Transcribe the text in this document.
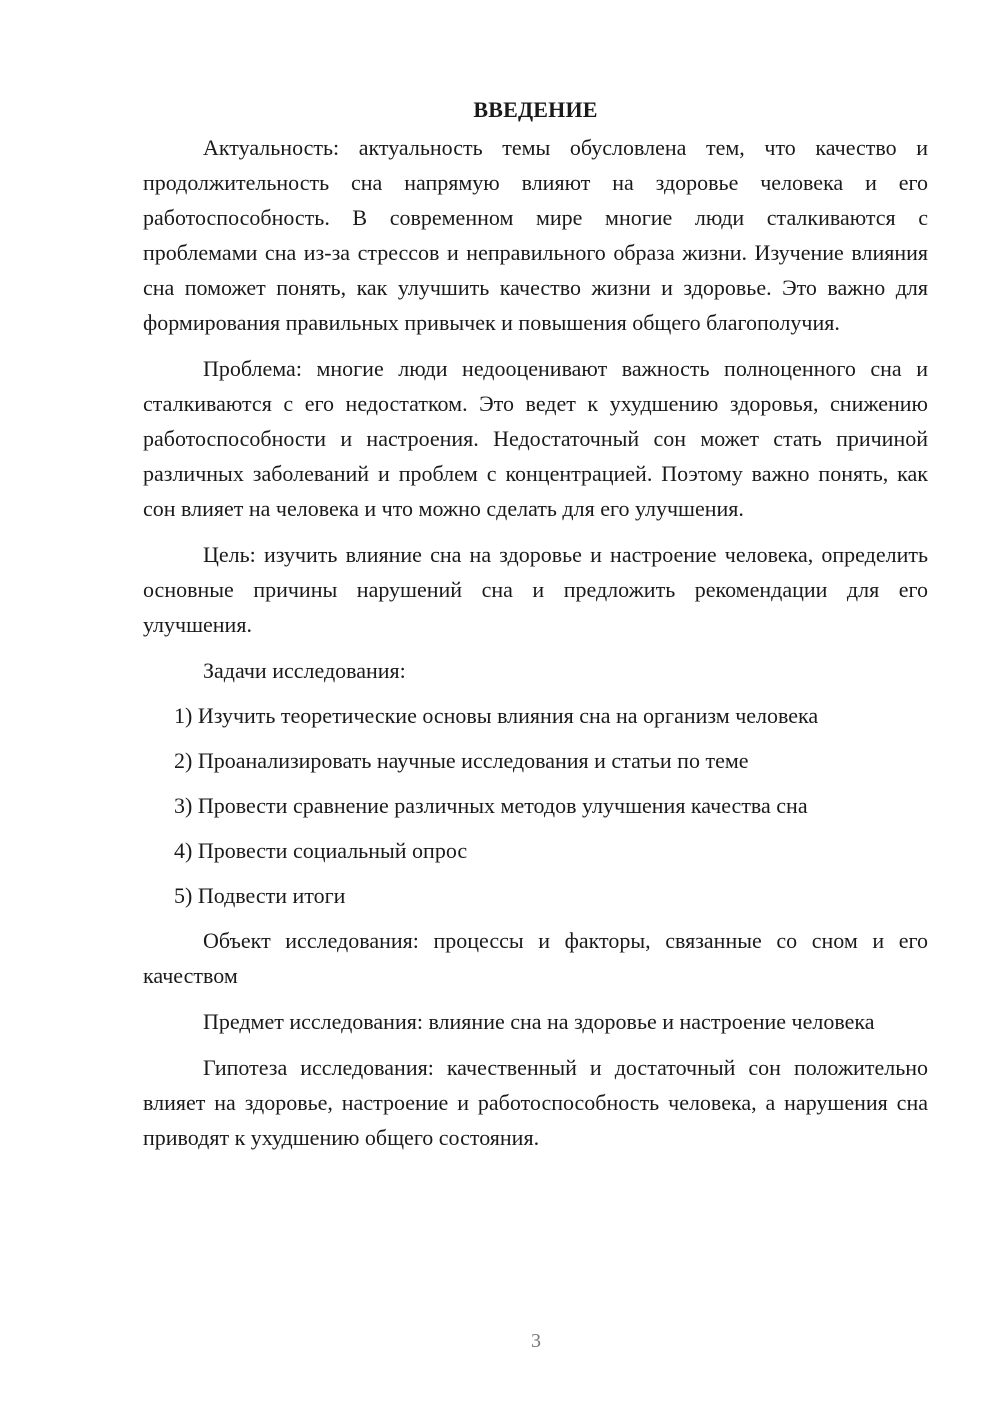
ВВЕДЕНИЕ

Актуальность: актуальность темы обусловлена тем, что качество и продолжительность сна напрямую влияют на здоровье человека и его работоспособность. В современном мире многие люди сталкиваются с проблемами сна из-за стрессов и неправильного образа жизни. Изучение влияния сна поможет понять, как улучшить качество жизни и здоровье. Это важно для формирования правильных привычек и повышения общего благополучия.

Проблема: многие люди недооценивают важность полноценного сна и сталкиваются с его недостатком. Это ведет к ухудшению здоровья, снижению работоспособности и настроения. Недостаточный сон может стать причиной различных заболеваний и проблем с концентрацией. Поэтому важно понять, как сон влияет на человека и что можно сделать для его улучшения.

Цель: изучить влияние сна на здоровье и настроение человека, определить основные причины нарушений сна и предложить рекомендации для его улучшения.

Задачи исследования:

1) Изучить теоретические основы влияния сна на организм человека
2) Проанализировать научные исследования и статьи по теме
3) Провести сравнение различных методов улучшения качества сна
4) Провести социальный опрос
5) Подвести итоги

Объект исследования: процессы и факторы, связанные со сном и его качеством

Предмет исследования: влияние сна на здоровье и настроение человека

Гипотеза исследования: качественный и достаточный сон положительно влияет на здоровье, настроение и работоспособность человека, а нарушения сна приводят к ухудшению общего состояния.

3
